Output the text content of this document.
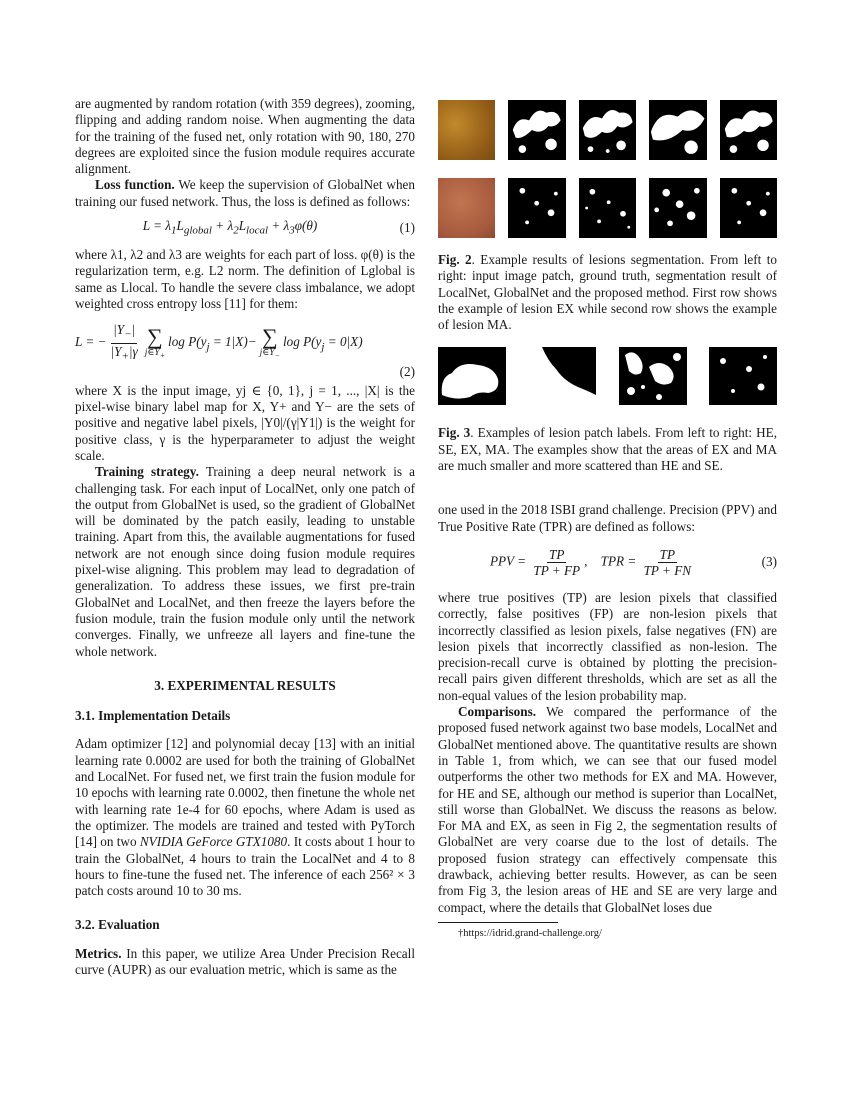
are augmented by random rotation (with 359 degrees), zooming, flipping and adding random noise. When augmenting the data for the training of the fused net, only rotation with 90, 180, 270 degrees are exploited since the fusion module requires accurate alignment.

Loss function. We keep the supervision of GlobalNet when training our fused network. Thus, the loss is defined as follows:

$L = \lambda_1L_{global} + \lambda_2L_{local} + \lambda_3\varphi(\theta)$	(1)

where λ1, λ2 and λ3 are weights for each part of loss. φ(θ) is the regularization term, e.g. L2 norm. The definition of Lglobal is same as Llocal. To handle the severe class imbalance, we adopt weighted cross entropy loss [11] for them:

L = − $\frac{|Y_-|}{|Y_+|\gamma}$ ∑
$j\in Y_+$
$\log P(y_j = 1|X)-$ ∑
$j\in Y_-$
$\log P(y_j = 0|X)$
(2)

where X is the input image, yj ∈ {0, 1}, j = 1, ..., |X| is the pixel-wise binary label map for X, Y+ and Y− are the sets of positive and negative label pixels, |Y0|/(γ|Y1|) is the weight for positive class, γ is the hyperparameter to adjust the weight scale.

Training strategy. Training a deep neural network is a challenging task. For each input of LocalNet, only one patch of the output from GlobalNet is used, so the gradient of GlobalNet will be dominated by the patch easily, leading to unstable training. Apart from this, the available augmentations for fused network are not enough since doing fusion module requires pixel-wise aligning. This problem may lead to degradation of generalization. To address these issues, we first pre-train GlobalNet and LocalNet, and then freeze the layers before the fusion module, train the fusion module only until the network converges. Finally, we unfreeze all layers and fine-tune the whole network.

3. EXPERIMENTAL RESULTS
3.1. Implementation Details

Adam optimizer [12] and polynomial decay [13] with an initial learning rate 0.0002 are used for both the training of GlobalNet and LocalNet. For fused net, we first train the fusion module for 10 epochs with learning rate 0.0002, then finetune the whole net with learning rate 1e-4 for 60 epochs, where Adam is used as the optimizer. The models are trained and tested with PyTorch [14] on two NVIDIA GeForce GTX1080. It costs about 1 hour to train the GlobalNet, 4 hours to train the LocalNet and 4 to 8 hours to fine-tune the fused net. The inference of each 256² × 3 patch costs around 10 to 30 ms.

3.2. Evaluation

Metrics. In this paper, we utilize Area Under Precision Recall curve (AUPR) as our evaluation metric, which is same as the

Fig. 2. Example results of lesions segmentation. From left to right: input image patch, ground truth, segmentation result of LocalNet, GlobalNet and the proposed method. First row shows the example of lesion EX while second row shows the example of lesion MA.

Fig. 3. Examples of lesion patch labels. From left to right: HE, SE, EX, MA. The examples show that the areas of EX and MA are much smaller and more scattered than HE and SE.

one used in the 2018 ISBI grand challenge. Precision (PPV) and True Positive Rate (TPR) are defined as follows:

PPV = $\frac{TP}{TP + FP}$ ,    TPR = $\frac{TP}{TP + FN}$	(3)

where true positives (TP) are lesion pixels that classified correctly, false positives (FP) are non-lesion pixels that incorrectly classified as lesion pixels, false negatives (FN) are lesion pixels that incorrectly classified as non-lesion. The precision-recall curve is obtained by plotting the precision-recall pairs given different thresholds, which are set as all the non-equal values of the lesion probability map.

Comparisons. We compared the performance of the proposed fused network against two base models, LocalNet and GlobalNet mentioned above. The quantitative results are shown in Table 1, from which, we can see that our fused model outperforms the other two methods for EX and MA. However, for HE and SE, although our method is superior than LocalNet, still worse than GlobalNet. We discuss the reasons as below. For MA and EX, as seen in Fig 2, the segmentation results of GlobalNet are very coarse due to the lost of details. The proposed fusion strategy can effectively compensate this drawback, achieving better results. However, as can be seen from Fig 3, the lesion areas of HE and SE are very large and compact, where the details that GlobalNet loses due

†https://idrid.grand-challenge.org/
